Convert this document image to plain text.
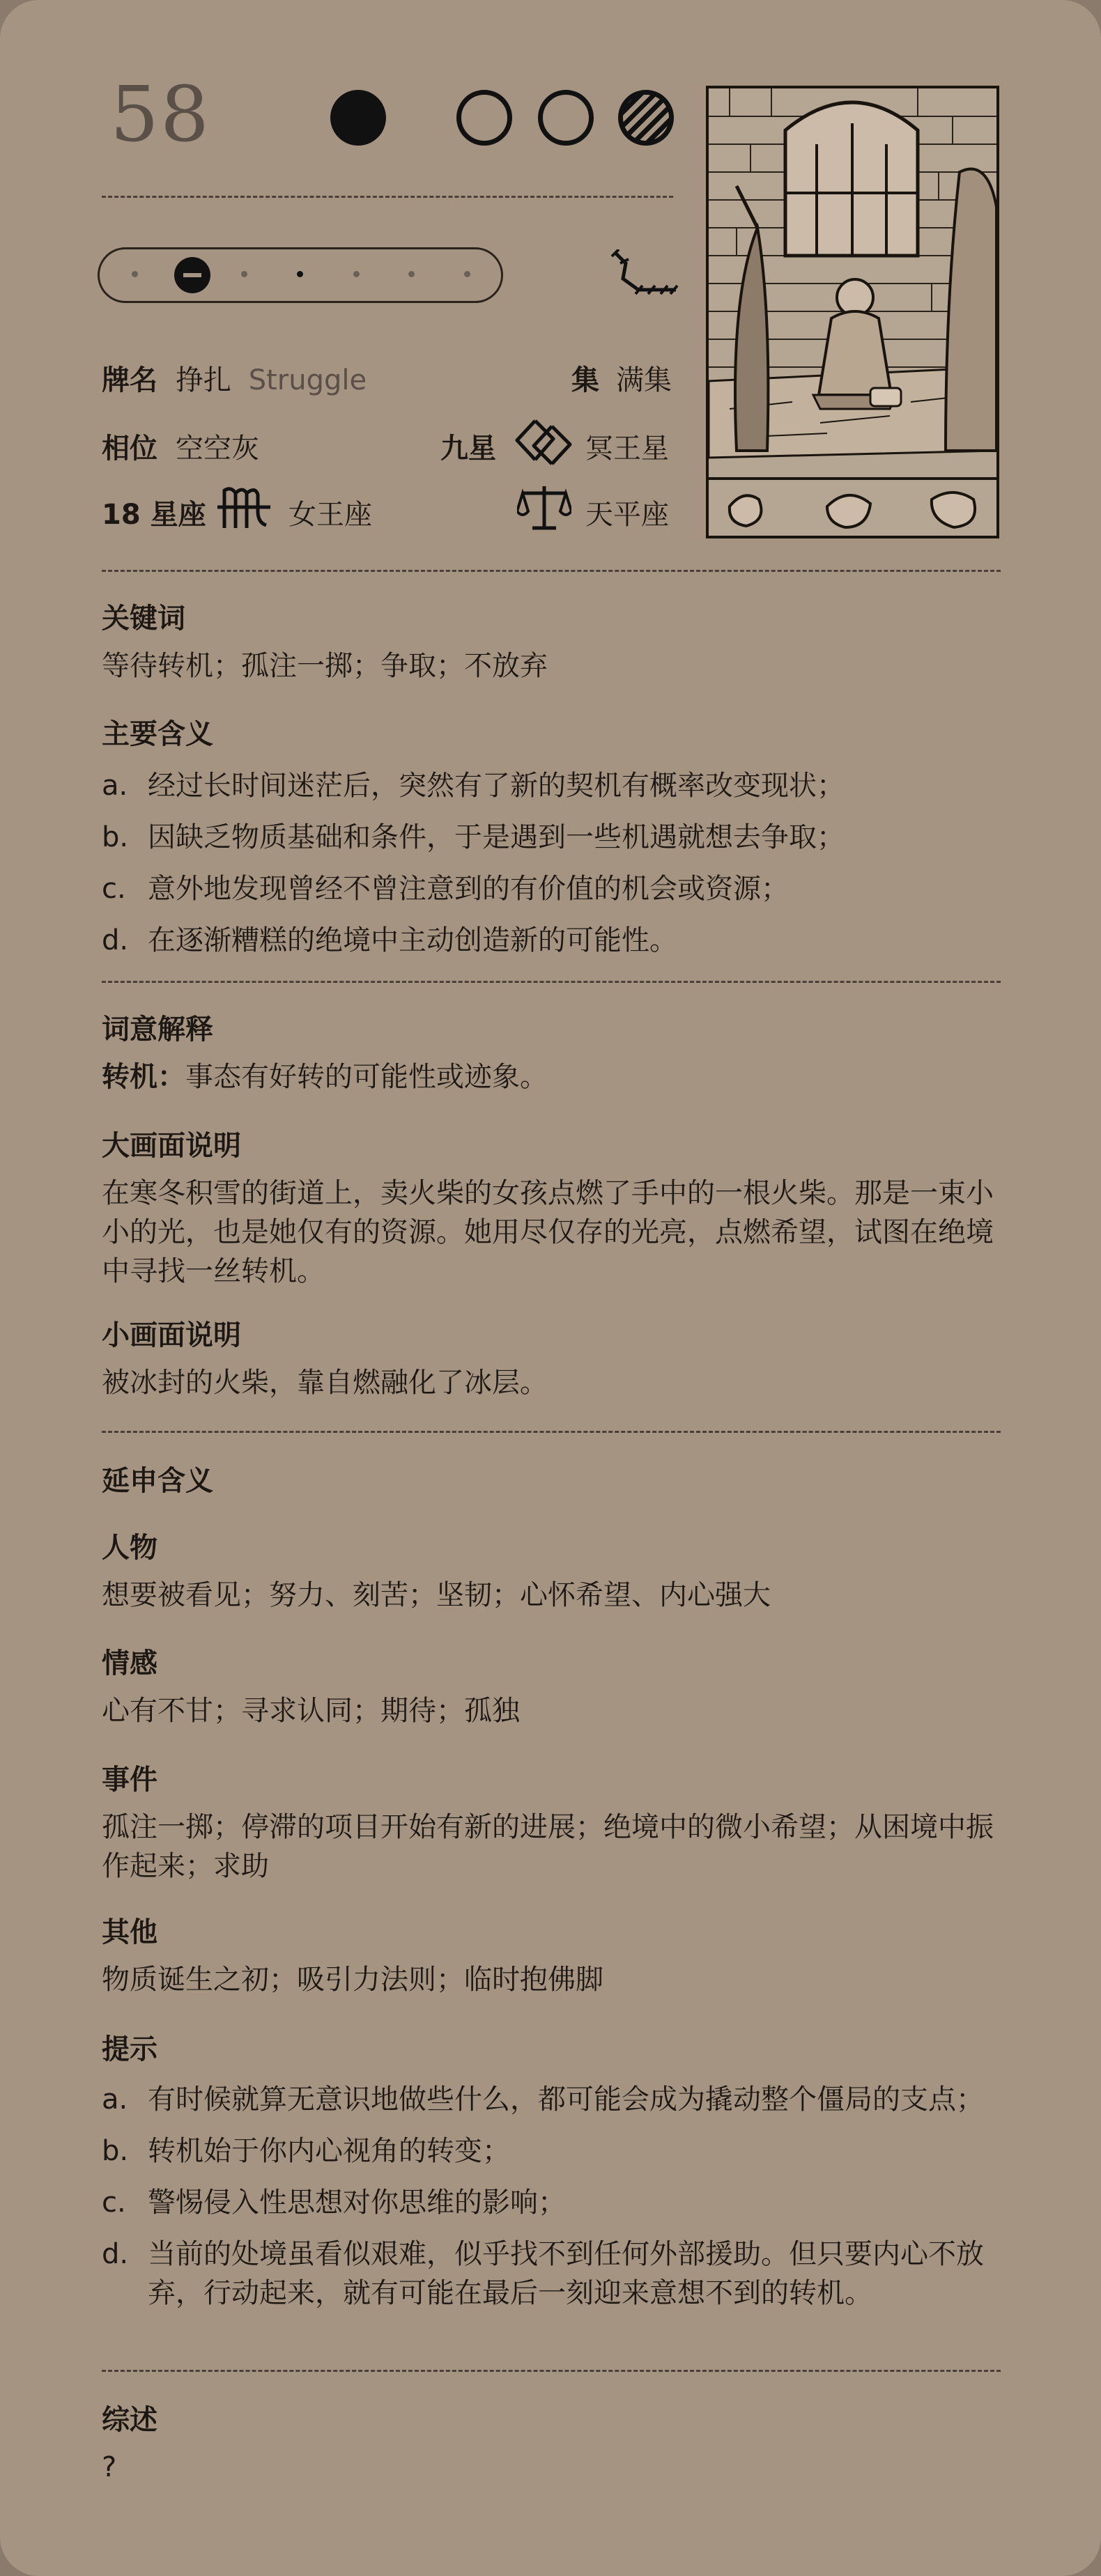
58
牌名 挣扎 Struggle	集 满集
相位 空空灰	九星	冥王星
18 星座	女王座	天平座
关键词

等待转机；孤注一掷；争取；不放弃

主要含义
a. 经过长时间迷茫后，突然有了新的契机有概率改变现状；
b. 因缺乏物质基础和条件，于是遇到一些机遇就想去争取；
c. 意外地发现曾经不曾注意到的有价值的机会或资源；
d. 在逐渐糟糕的绝境中主动创造新的可能性。
词意解释

转机：事态有好转的可能性或迹象。

大画面说明

在寒冬积雪的街道上，卖火柴的女孩点燃了手中的一根火柴。那是一束小小的光，也是她仅有的资源。她用尽仅存的光亮，点燃希望，试图在绝境中寻找一丝转机。

小画面说明

被冰封的火柴，靠自燃融化了冰层。

延申含义
人物

想要被看见；努力、刻苦；坚韧；心怀希望、内心强大

情感

心有不甘；寻求认同；期待；孤独

事件

孤注一掷；停滞的项目开始有新的进展；绝境中的微小希望；从困境中振作起来；求助

其他

物质诞生之初；吸引力法则；临时抱佛脚

提示
a. 有时候就算无意识地做些什么，都可能会成为撬动整个僵局的支点；
b. 转机始于你内心视角的转变；
c. 警惕侵入性思想对你思维的影响；
d. 当前的处境虽看似艰难，似乎找不到任何外部援助。但只要内心不放弃，行动起来，就有可能在最后一刻迎来意想不到的转机。
综述

?
